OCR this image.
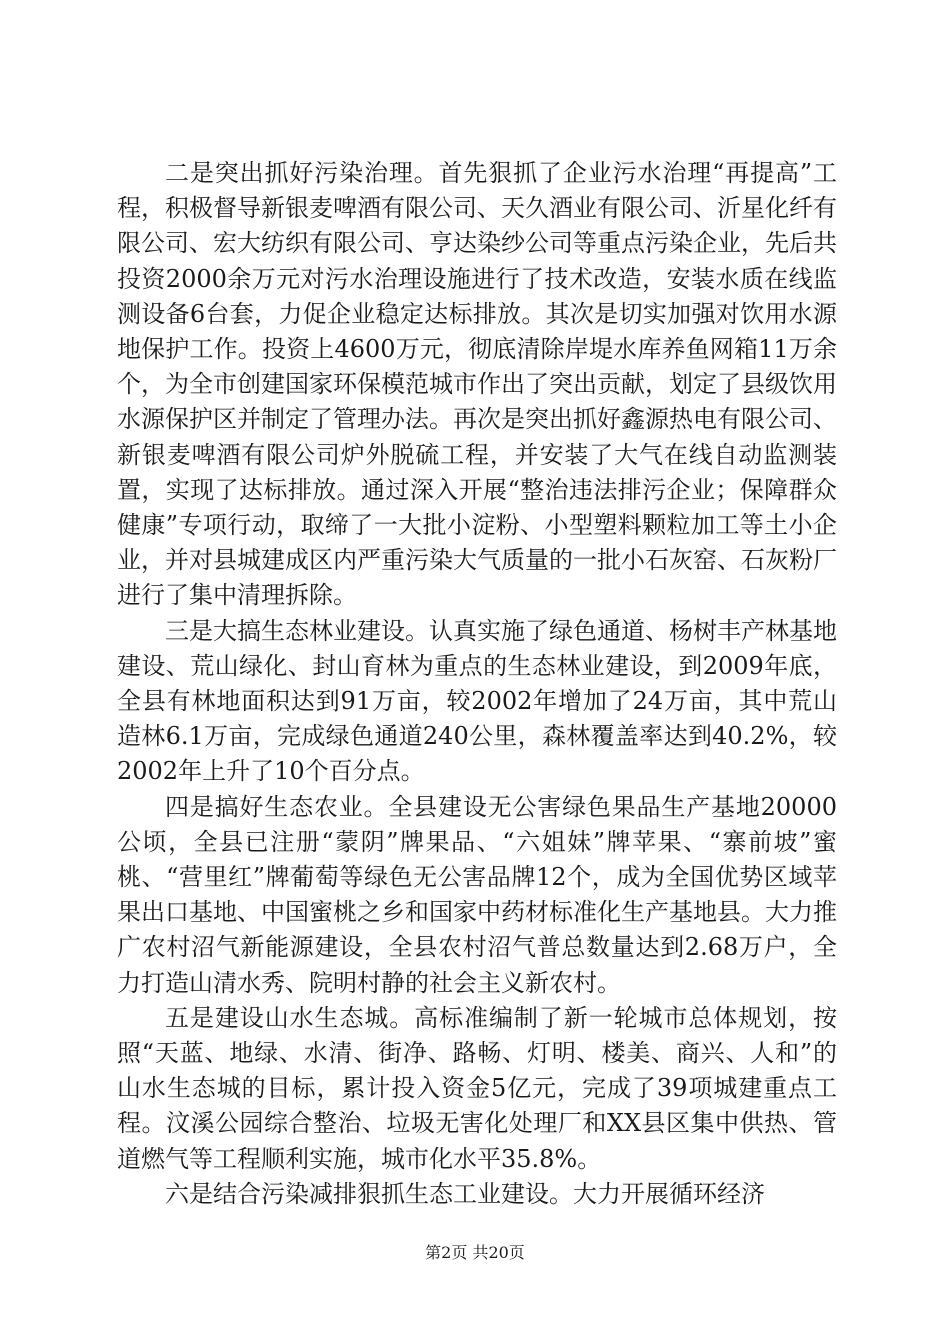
二是突出抓好污染治理。首先狠抓了企业污水治理“再提高”工程，积极督导新银麦啤酒有限公司、天久酒业有限公司、沂星化纤有限公司、宏大纺织有限公司、亨达染纱公司等重点污染企业，先后共投资2000余万元对污水治理设施进行了技术改造，安装水质在线监测设备6台套，力促企业稳定达标排放。其次是切实加强对饮用水源地保护工作。投资上4600万元，彻底清除岸堤水库养鱼网箱11万余个，为全市创建国家环保模范城市作出了突出贡献，划定了县级饮用水源保护区并制定了管理办法。再次是突出抓好鑫源热电有限公司、新银麦啤酒有限公司炉外脱硫工程，并安装了大气在线自动监测装置，实现了达标排放。通过深入开展“整治违法排污企业；保障群众健康”专项行动，取缔了一大批小淀粉、小型塑料颗粒加工等土小企业，并对县城建成区内严重污染大气质量的一批小石灰窑、石灰粉厂进行了集中清理拆除。

三是大搞生态林业建设。认真实施了绿色通道、杨树丰产林基地建设、荒山绿化、封山育林为重点的生态林业建设，到2009年底，全县有林地面积达到91万亩，较2002年增加了24万亩，其中荒山造林6.1万亩，完成绿色通道240公里，森林覆盖率达到40.2%，较2002年上升了10个百分点。

四是搞好生态农业。全县建设无公害绿色果品生产基地20000公顷，全县已注册“蒙阴”牌果品、“六姐妹”牌苹果、“寨前坡”蜜桃、“营里红”牌葡萄等绿色无公害品牌12个，成为全国优势区域苹果出口基地、中国蜜桃之乡和国家中药材标准化生产基地县。大力推广农村沼气新能源建设，全县农村沼气普总数量达到2.68万户，全力打造山清水秀、院明村静的社会主义新农村。

五是建设山水生态城。高标准编制了新一轮城市总体规划，按照“天蓝、地绿、水清、街净、路畅、灯明、楼美、商兴、人和”的山水生态城的目标，累计投入资金5亿元，完成了39项城建重点工程。汶溪公园综合整治、垃圾无害化处理厂和XX县区集中供热、管道燃气等工程顺利实施，城市化水平35.8%。

六是结合污染减排狠抓生态工业建设。大力开展循环经济

第2页 共20页
